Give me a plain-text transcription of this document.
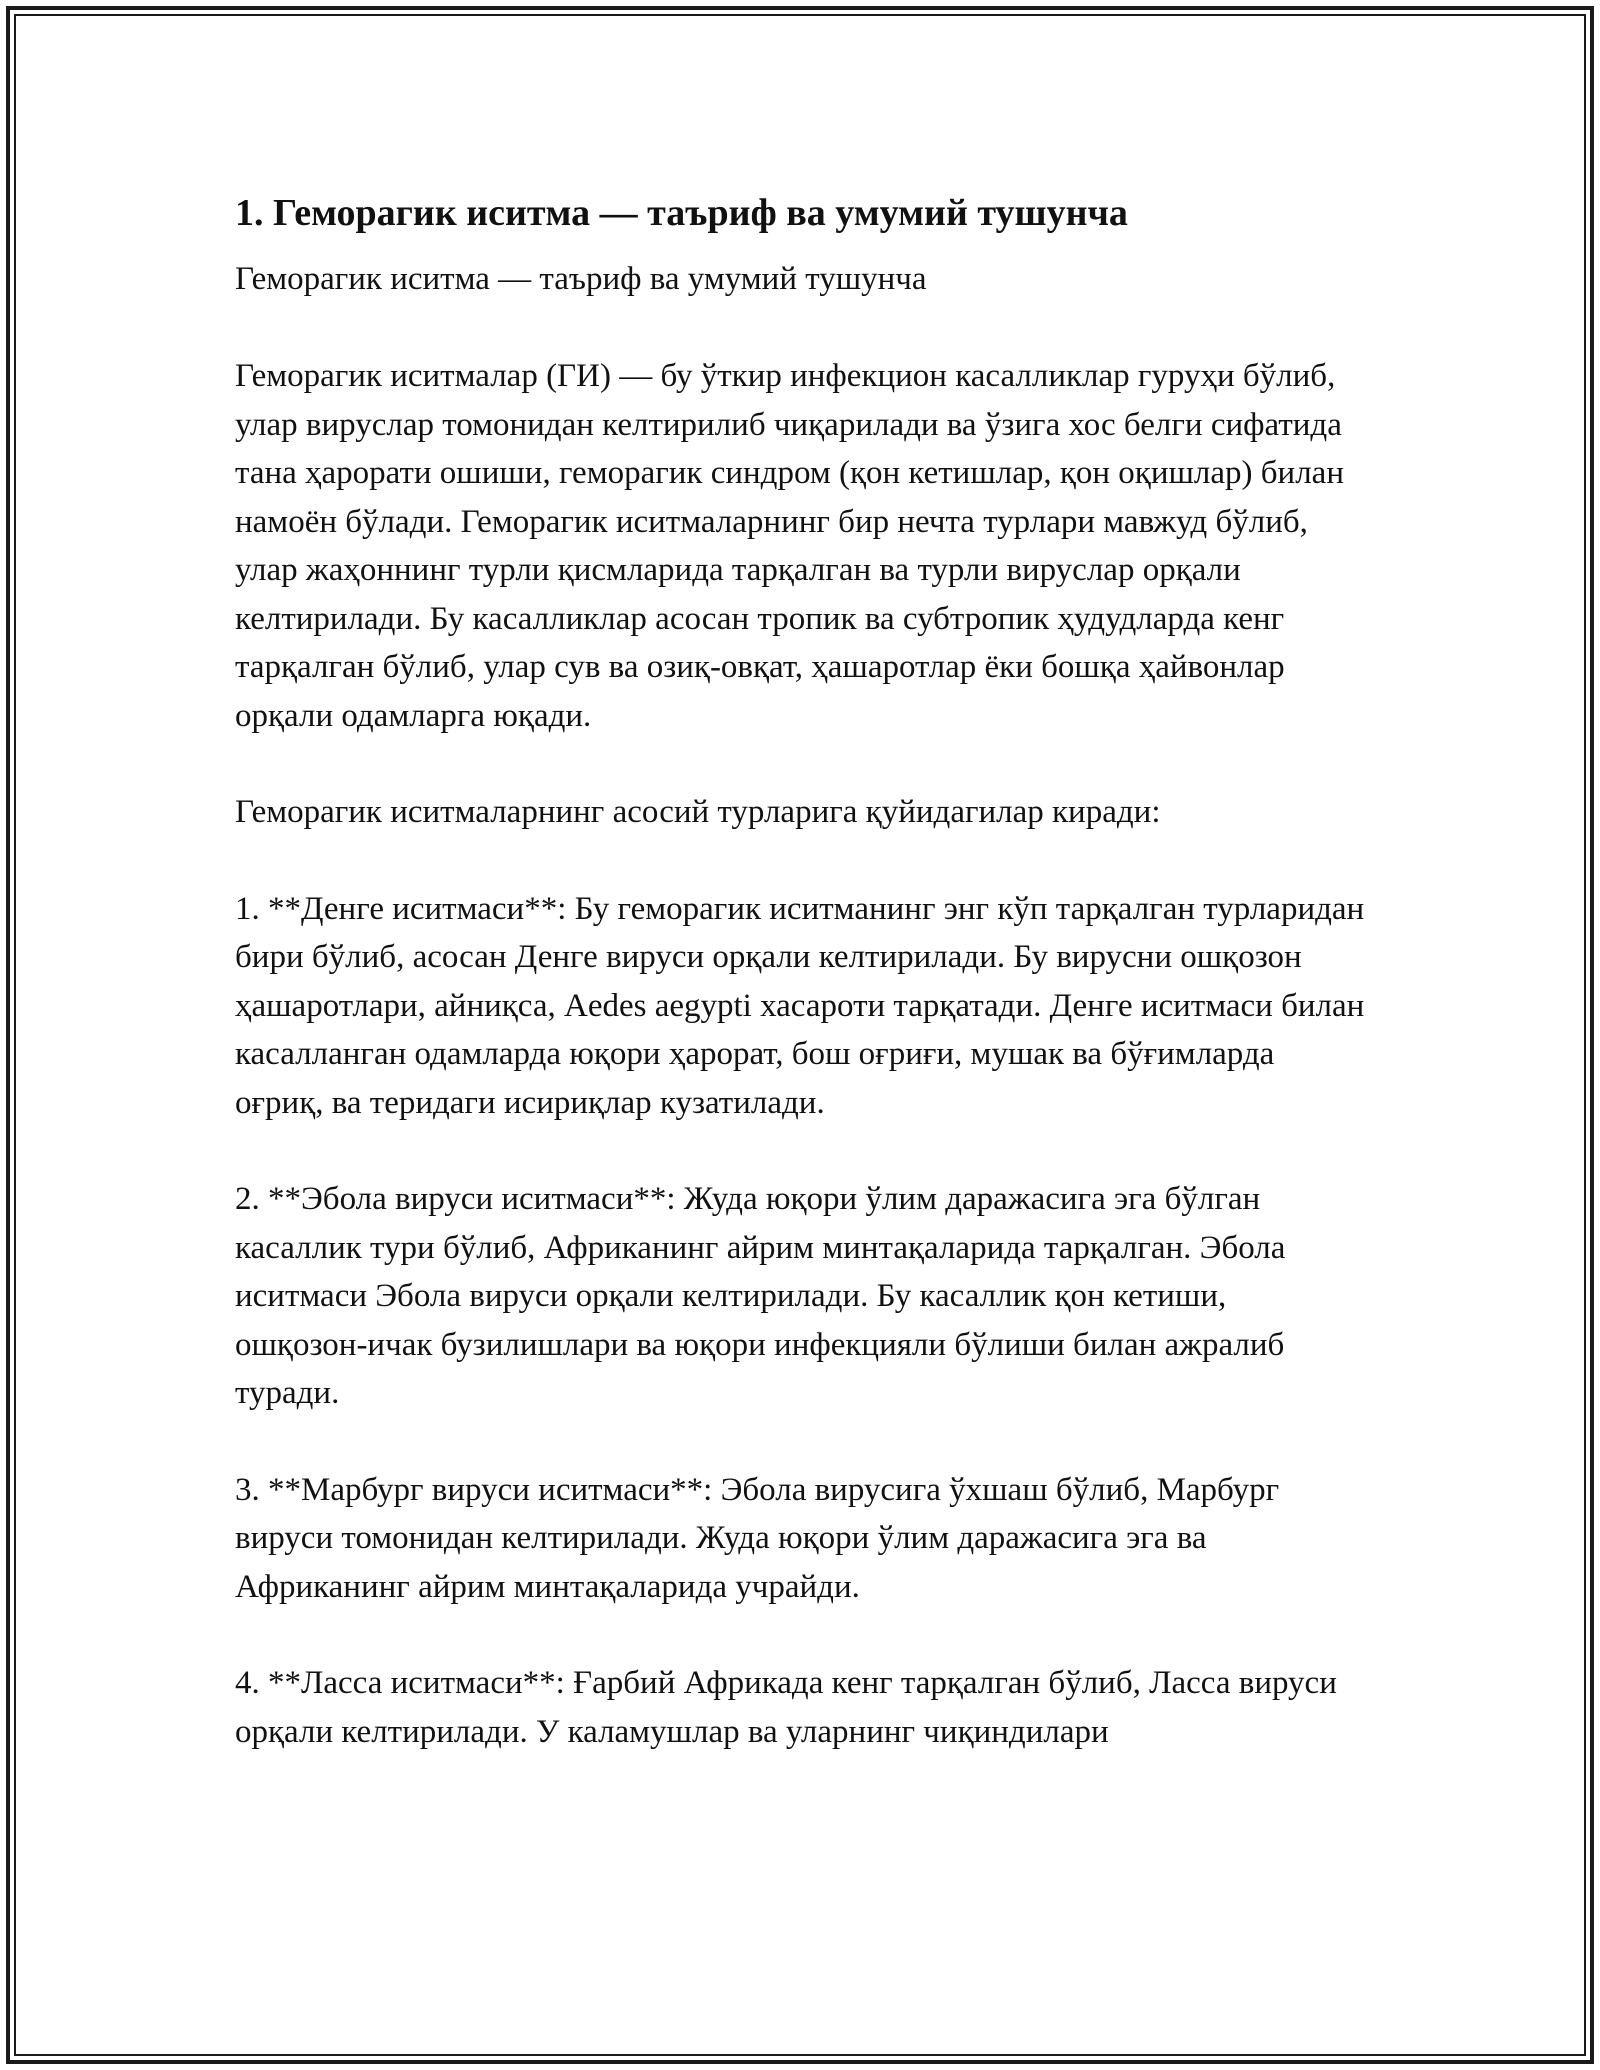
1. Геморагик иситма — таъриф ва умумий тушунча

Геморагик иситма — таъриф ва умумий тушунча

Геморагик иситмалар (ГИ) — бу ўткир инфекцион касалликлар гуруҳи бўлиб, улар вируслар томонидан келтирилиб чиқарилади ва ўзига хос белги сифатида тана ҳарорати ошиши, геморагик синдром (қон кетишлар, қон оқишлар) билан намоён бўлади. Геморагик иситмаларнинг бир нечта турлари мавжуд бўлиб, улар жаҳоннинг турли қисмларида тарқалган ва турли вируслар орқали келтирилади. Бу касалликлар асосан тропик ва субтропик ҳудудларда кенг тарқалган бўлиб, улар сув ва озиқ-овқат, ҳашаротлар ёки бошқа ҳайвонлар орқали одамларга юқади.

Геморагик иситмаларнинг асосий турларига қуйидагилар киради:

1. **Денге иситмаси**: Бу геморагик иситманинг энг кўп тарқалган турларидан бири бўлиб, асосан Денге вируси орқали келтирилади. Бу вирусни ошқозон ҳашаротлари, айниқса, Aedes aegypti хасароти тарқатади. Денге иситмаси билан касалланган одамларда юқори ҳарорат, бош оғриғи, мушак ва бўғимларда оғриқ, ва теридаги исириқлар кузатилади.

2. **Эбола вируси иситмаси**: Жуда юқори ўлим даражасига эга бўлган касаллик тури бўлиб, Африканинг айрим минтақаларида тарқалган. Эбола иситмаси Эбола вируси орқали келтирилади. Бу касаллик қон кетиши, ошқозон-ичак бузилишлари ва юқори инфекцияли бўлиши билан ажралиб туради.

3. **Марбург вируси иситмаси**: Эбола вирусига ўхшаш бўлиб, Марбург вируси томонидан келтирилади. Жуда юқори ўлим даражасига эга ва Африканинг айрим минтақаларида учрайди.

4. **Ласса иситмаси**: Ғарбий Африкада кенг тарқалган бўлиб, Ласса вируси орқали келтирилади. У каламушлар ва уларнинг чиқиндилари
